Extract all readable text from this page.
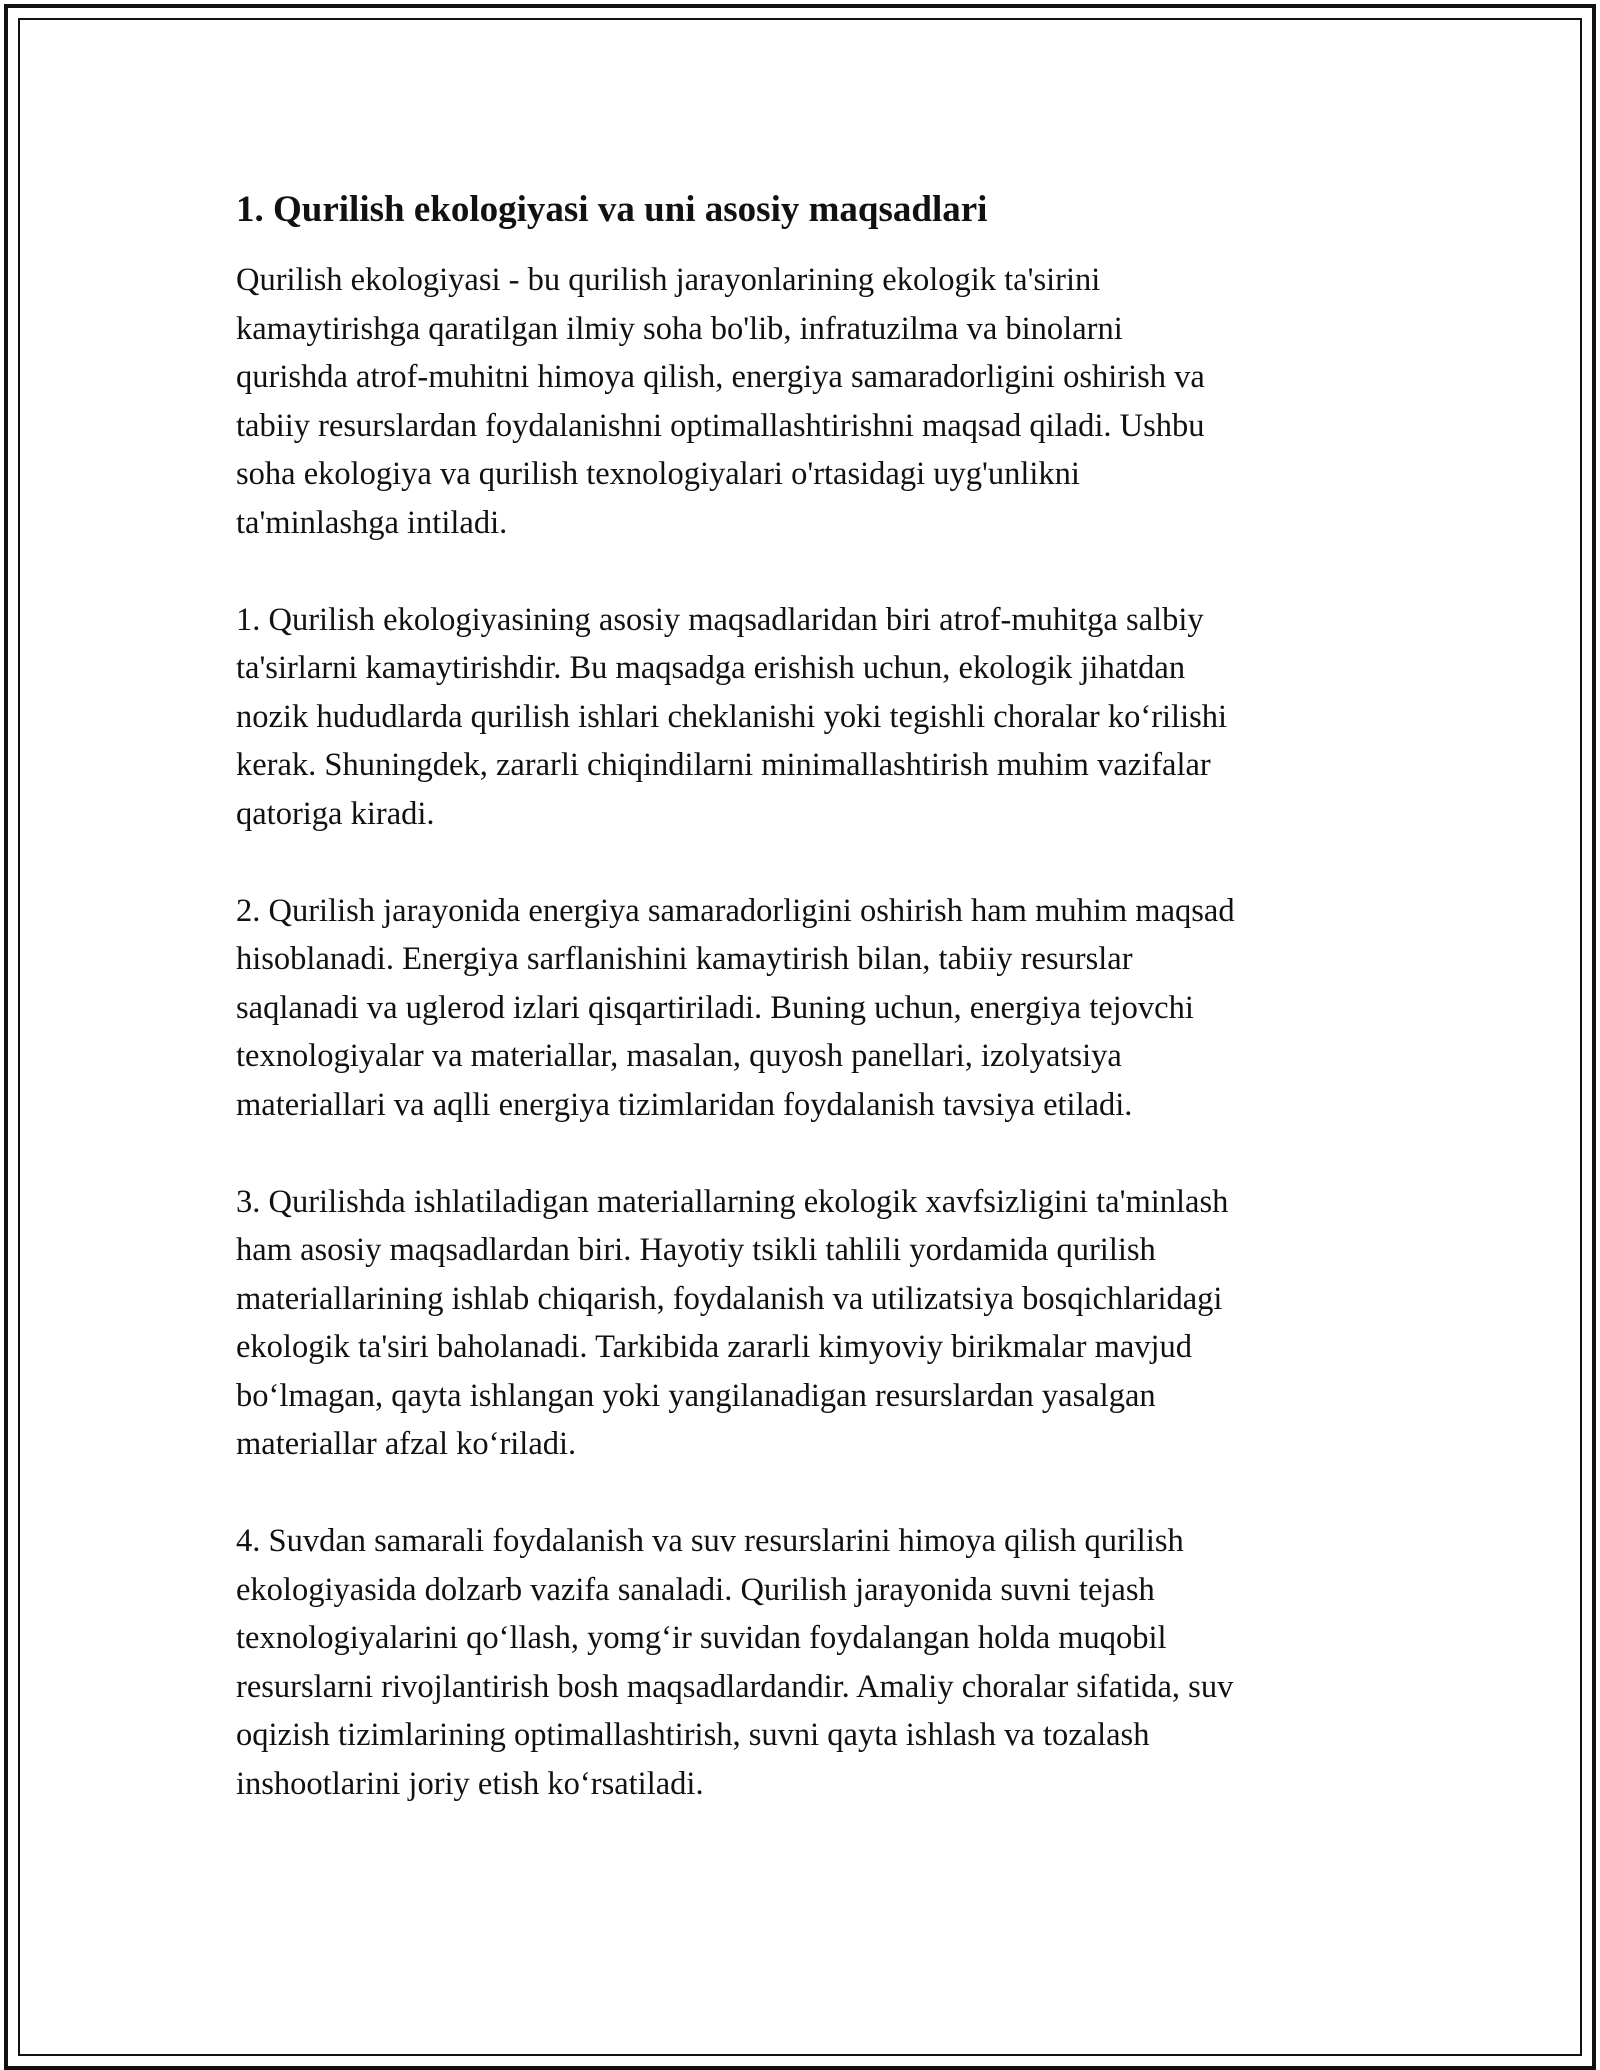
1. Qurilish ekologiyasi va uni asosiy maqsadlari
Qurilish ekologiyasi - bu qurilish jarayonlarining ekologik ta'sirini
kamaytirishga qaratilgan ilmiy soha bo'lib, infratuzilma va binolarni
qurishda atrof-muhitni himoya qilish, energiya samaradorligini oshirish va
tabiiy resurslardan foydalanishni optimallashtirishni maqsad qiladi. Ushbu
soha ekologiya va qurilish texnologiyalari o'rtasidagi uyg'unlikni
ta'minlashga intiladi.
1. Qurilish ekologiyasining asosiy maqsadlaridan biri atrof-muhitga salbiy
ta'sirlarni kamaytirishdir. Bu maqsadga erishish uchun, ekologik jihatdan
nozik hududlarda qurilish ishlari cheklanishi yoki tegishli choralar ko‘rilishi
kerak. Shuningdek, zararli chiqindilarni minimallashtirish muhim vazifalar
qatoriga kiradi.
2. Qurilish jarayonida energiya samaradorligini oshirish ham muhim maqsad
hisoblanadi. Energiya sarflanishini kamaytirish bilan, tabiiy resurslar
saqlanadi va uglerod izlari qisqartiriladi. Buning uchun, energiya tejovchi
texnologiyalar va materiallar, masalan, quyosh panellari, izolyatsiya
materiallari va aqlli energiya tizimlaridan foydalanish tavsiya etiladi.
3. Qurilishda ishlatiladigan materiallarning ekologik xavfsizligini ta'minlash
ham asosiy maqsadlardan biri. Hayotiy tsikli tahlili yordamida qurilish
materiallarining ishlab chiqarish, foydalanish va utilizatsiya bosqichlaridagi
ekologik ta'siri baholanadi. Tarkibida zararli kimyoviy birikmalar mavjud
bo‘lmagan, qayta ishlangan yoki yangilanadigan resurslardan yasalgan
materiallar afzal ko‘riladi.
4. Suvdan samarali foydalanish va suv resurslarini himoya qilish qurilish
ekologiyasida dolzarb vazifa sanaladi. Qurilish jarayonida suvni tejash
texnologiyalarini qo‘llash, yomg‘ir suvidan foydalangan holda muqobil
resurslarni rivojlantirish bosh maqsadlardandir. Amaliy choralar sifatida, suv
oqizish tizimlarining optimallashtirish, suvni qayta ishlash va tozalash
inshootlarini joriy etish ko‘rsatiladi.
